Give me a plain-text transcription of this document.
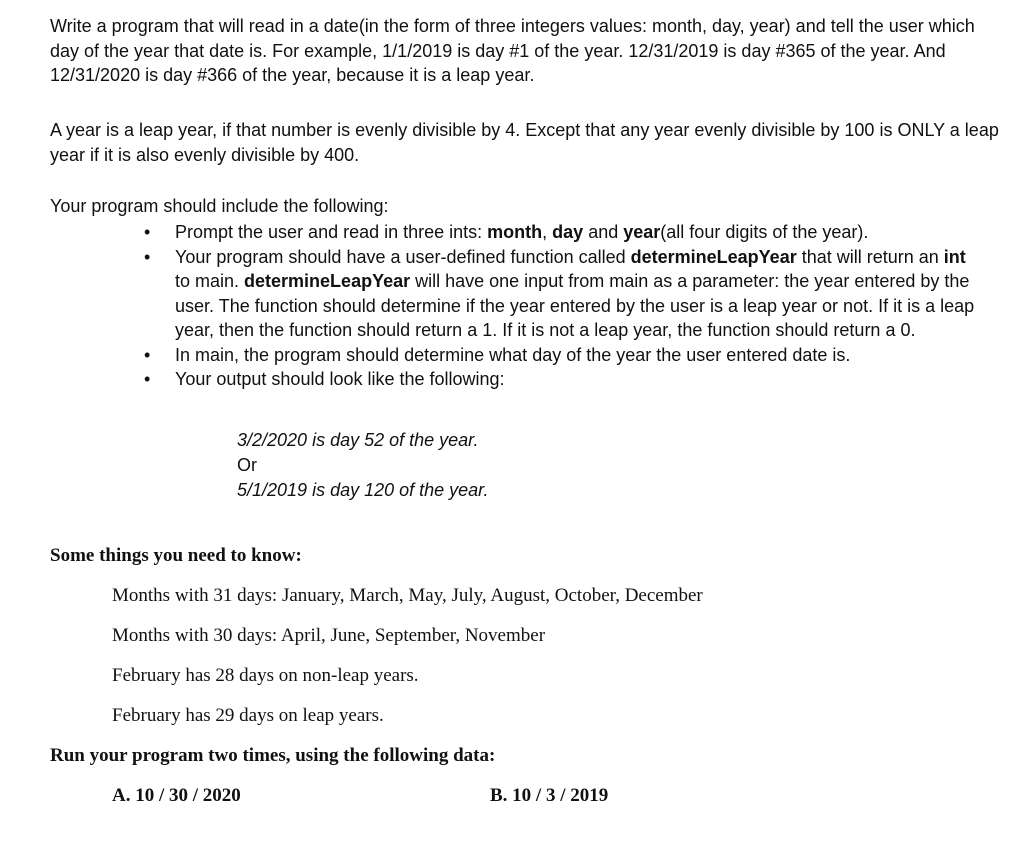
Write a program that will read in a date(in the form of three integers values: month, day, year) and tell the user which day of the year that date is. For example, 1/1/2019 is day #1 of the year. 12/31/2019 is day #365 of the year. And 12/31/2020 is day #366 of the year, because it is a leap year.

A year is a leap year, if that number is evenly divisible by 4. Except that any year evenly divisible by 100 is ONLY a leap year if it is also evenly divisible by 400.

Your program should include the following:

• Prompt the user and read in three ints: month, day and year(all four digits of the year).
• Your program should have a user-defined function called determineLeapYear that will return an int to main. determineLeapYear will have one input from main as a parameter: the year entered by the user. The function should determine if the year entered by the user is a leap year or not. If it is a leap year, then the function should return a 1. If it is not a leap year, the function should return a 0.
• In main, the program should determine what day of the year the user entered date is.
• Your output should look like the following:
3/2/2020 is day 52 of the year.
Or
5/1/2019 is day 120 of the year.

Some things you need to know:

Months with 31 days: January, March, May, July, August, October, December

Months with 30 days: April, June, September, November

February has 28 days on non-leap years.

February has 29 days on leap years.

Run your program two times, using the following data:

A. 10 / 30 / 2020	B. 10 / 3 / 2019
